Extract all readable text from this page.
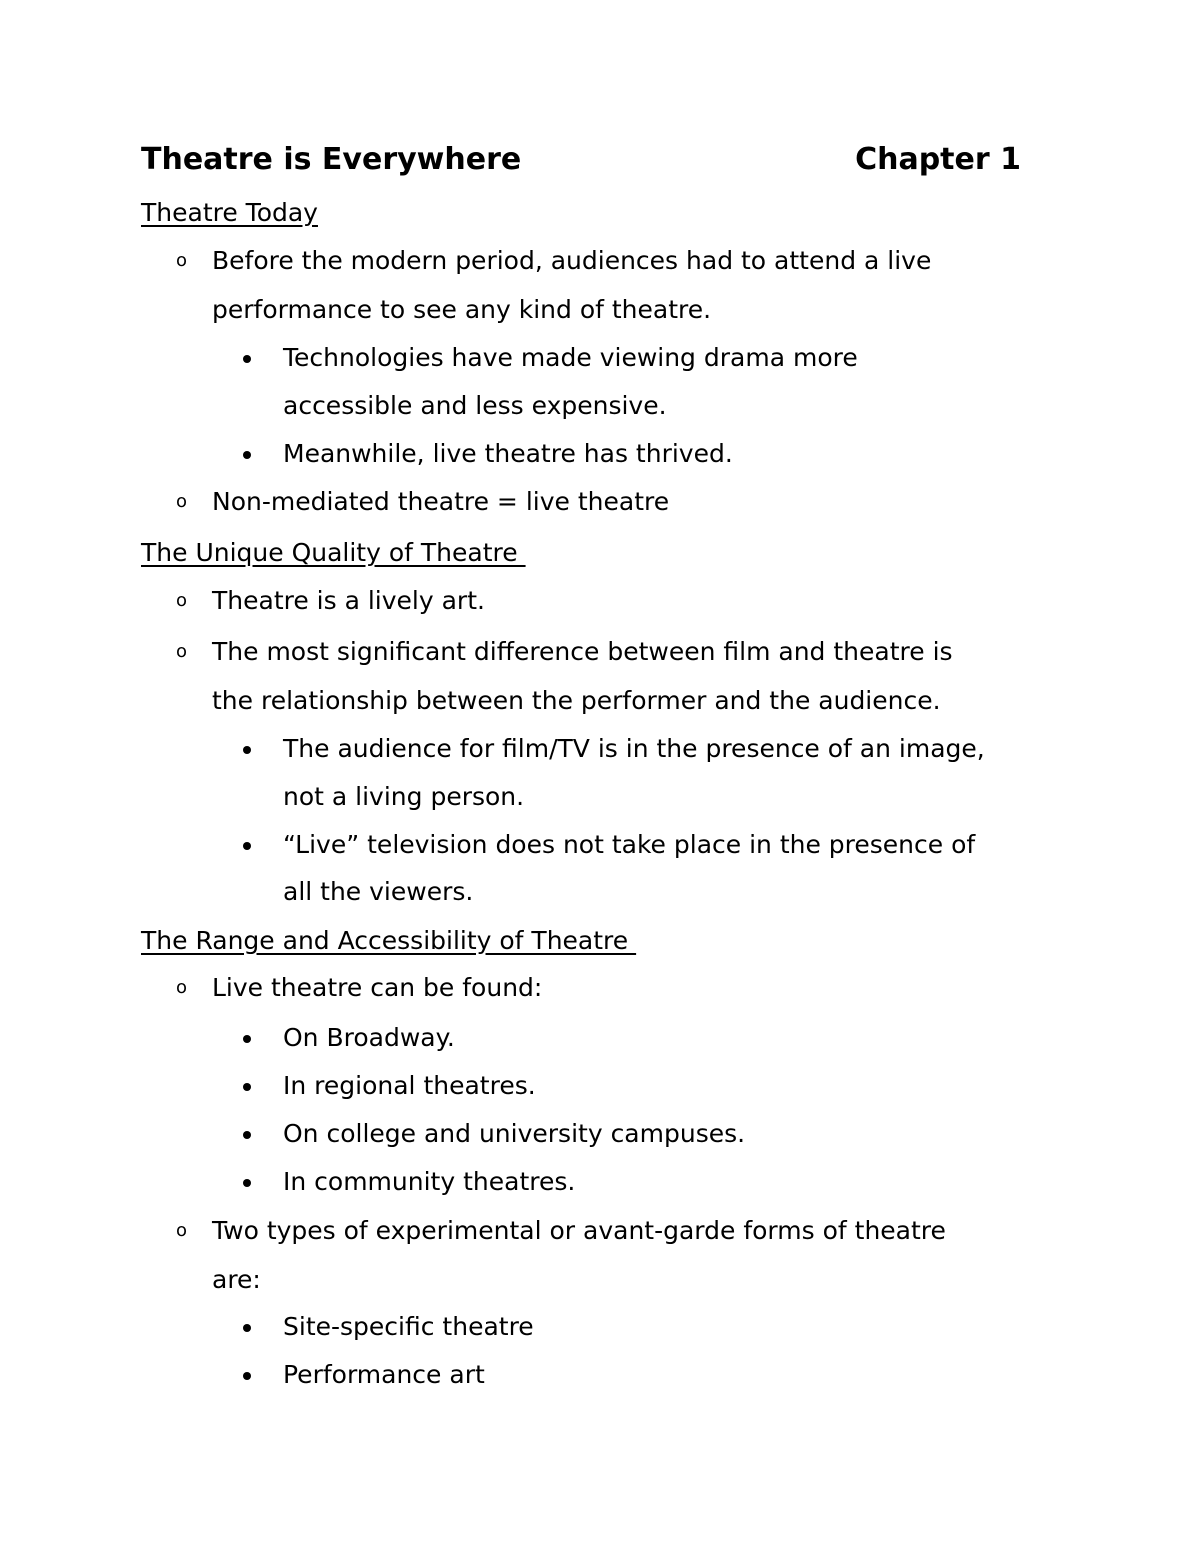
Theatre is Everywhere	Chapter 1
Theatre Today
o Before the modern period, audiences had to attend a live
performance to see any kind of theatre.
Technologies have made viewing drama more
accessible and less expensive.
Meanwhile, live theatre has thrived.
o Non-mediated theatre = live theatre
The Unique Quality of Theatre
o Theatre is a lively art.
o The most significant difference between film and theatre is
the relationship between the performer and the audience.
The audience for film/TV is in the presence of an image,
not a living person.
“Live” television does not take place in the presence of
all the viewers.
The Range and Accessibility of Theatre
o Live theatre can be found:
On Broadway.
In regional theatres.
On college and university campuses.
In community theatres.
o Two types of experimental or avant-garde forms of theatre
are:
Site-specific theatre
Performance art
